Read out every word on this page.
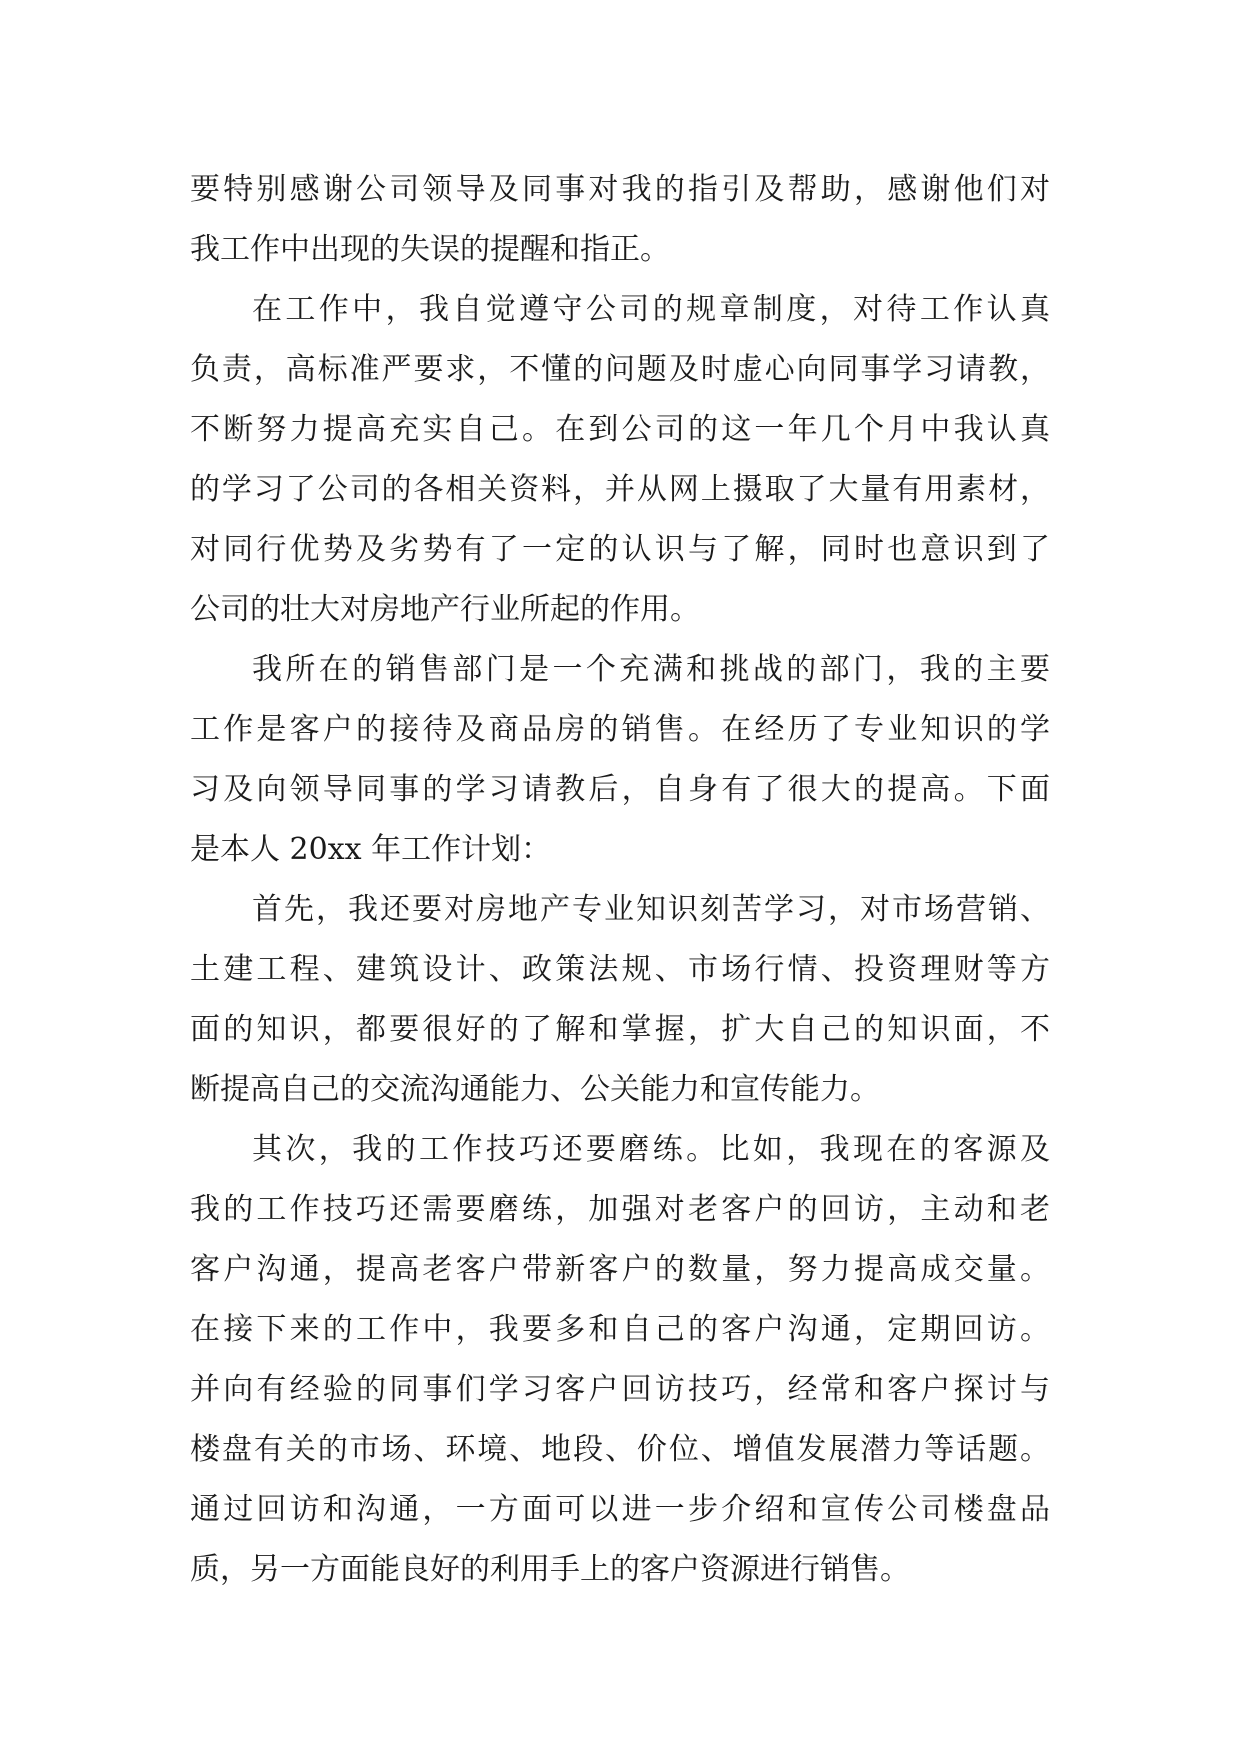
要特别感谢公司领导及同事对我的指引及帮助，感谢他们对
我工作中出现的失误的提醒和指正。
在工作中，我自觉遵守公司的规章制度，对待工作认真
负责，高标准严要求，不懂的问题及时虚心向同事学习请教，
不断努力提高充实自己。在到公司的这一年几个月中我认真
的学习了公司的各相关资料，并从网上摄取了大量有用素材，
对同行优势及劣势有了一定的认识与了解，同时也意识到了
公司的壮大对房地产行业所起的作用。
我所在的销售部门是一个充满和挑战的部门，我的主要
工作是客户的接待及商品房的销售。在经历了专业知识的学
习及向领导同事的学习请教后，自身有了很大的提高。下面
是本人 20xx 年工作计划：
首先，我还要对房地产专业知识刻苦学习，对市场营销、
土建工程、建筑设计、政策法规、市场行情、投资理财等方
面的知识，都要很好的了解和掌握，扩大自己的知识面，不
断提高自己的交流沟通能力、公关能力和宣传能力。
其次，我的工作技巧还要磨练。比如，我现在的客源及
我的工作技巧还需要磨练，加强对老客户的回访，主动和老
客户沟通，提高老客户带新客户的数量，努力提高成交量。
在接下来的工作中，我要多和自己的客户沟通，定期回访。
并向有经验的同事们学习客户回访技巧，经常和客户探讨与
楼盘有关的市场、环境、地段、价位、增值发展潜力等话题。
通过回访和沟通，一方面可以进一步介绍和宣传公司楼盘品
质，另一方面能良好的利用手上的客户资源进行销售。
